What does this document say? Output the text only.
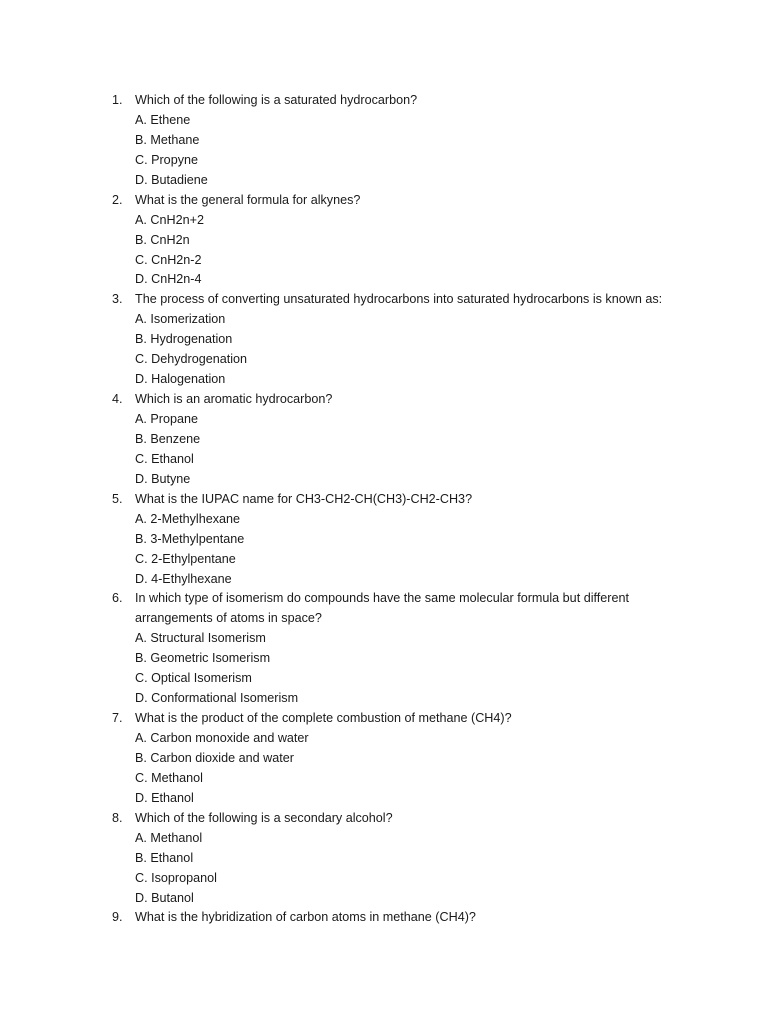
1. Which of the following is a saturated hydrocarbon?
A. Ethene
B. Methane
C. Propyne
D. Butadiene
2. What is the general formula for alkynes?
A. CnH2n+2
B. CnH2n
C. CnH2n-2
D. CnH2n-4
3. The process of converting unsaturated hydrocarbons into saturated hydrocarbons is known as:
A. Isomerization
B. Hydrogenation
C. Dehydrogenation
D. Halogenation
4. Which is an aromatic hydrocarbon?
A. Propane
B. Benzene
C. Ethanol
D. Butyne
5. What is the IUPAC name for CH3-CH2-CH(CH3)-CH2-CH3?
A. 2-Methylhexane
B. 3-Methylpentane
C. 2-Ethylpentane
D. 4-Ethylhexane
6. In which type of isomerism do compounds have the same molecular formula but different
arrangements of atoms in space?
A. Structural Isomerism
B. Geometric Isomerism
C. Optical Isomerism
D. Conformational Isomerism
7. What is the product of the complete combustion of methane (CH4)?
A. Carbon monoxide and water
B. Carbon dioxide and water
C. Methanol
D. Ethanol
8. Which of the following is a secondary alcohol?
A. Methanol
B. Ethanol
C. Isopropanol
D. Butanol
9. What is the hybridization of carbon atoms in methane (CH4)?
